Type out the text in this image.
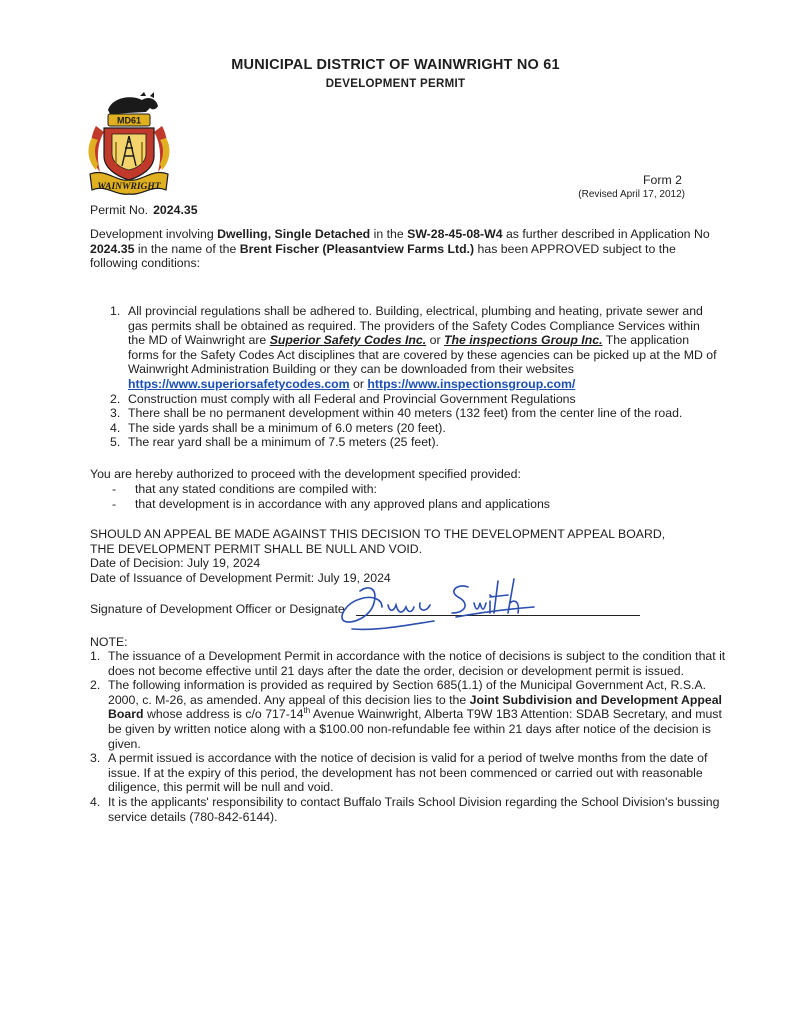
MUNICIPAL DISTRICT OF WAINWRIGHT NO 61
DEVELOPMENT PERMIT
MD61
WAINWRIGHT	Form 2
(Revised April 17, 2012)
Permit No. 2024.35
Development involving Dwelling, Single Detached in the SW-28-45-08-W4 as further described in Application No 2024.35 in the name of the Brent Fischer (Pleasantview Farms Ltd.) has been APPROVED subject to the following conditions:
1. All provincial regulations shall be adhered to. Building, electrical, plumbing and heating, private sewer and gas permits shall be obtained as required. The providers of the Safety Codes Compliance Services within the MD of Wainwright are Superior Safety Codes Inc. or The inspections Group Inc. The application forms for the Safety Codes Act disciplines that are covered by these agencies can be picked up at the MD of Wainwright Administration Building or they can be downloaded from their websites https://www.superiorsafetycodes.com or https://www.inspectionsgroup.com/
2. Construction must comply with all Federal and Provincial Government Regulations
3. There shall be no permanent development within 40 meters (132 feet) from the center line of the road.
4. The side yards shall be a minimum of 6.0 meters (20 feet).
5. The rear yard shall be a minimum of 7.5 meters (25 feet).
You are hereby authorized to proceed with the development specified provided:
- that any stated conditions are compiled with:
- that development is in accordance with any approved plans and applications
SHOULD AN APPEAL BE MADE AGAINST THIS DECISION TO THE DEVELOPMENT APPEAL BOARD,
THE DEVELOPMENT PERMIT SHALL BE NULL AND VOID.
Date of Decision: July 19, 2024
Date of Issuance of Development Permit: July 19, 2024
Signature of Development Officer or Designate
NOTE:
1. The issuance of a Development Permit in accordance with the notice of decisions is subject to the condition that it does not become effective until 21 days after the date the order, decision or development permit is issued.
2. The following information is provided as required by Section 685(1.1) of the Municipal Government Act, R.S.A. 2000, c. M-26, as amended. Any appeal of this decision lies to the Joint Subdivision and Development Appeal Board whose address is c/o 717-14th Avenue Wainwright, Alberta T9W 1B3 Attention: SDAB Secretary, and must be given by written notice along with a $100.00 non-refundable fee within 21 days after notice of the decision is given.
3. A permit issued is accordance with the notice of decision is valid for a period of twelve months from the date of issue. If at the expiry of this period, the development has not been commenced or carried out with reasonable diligence, this permit will be null and void.
4. It is the applicants' responsibility to contact Buffalo Trails School Division regarding the School Division's bussing service details (780-842-6144).
